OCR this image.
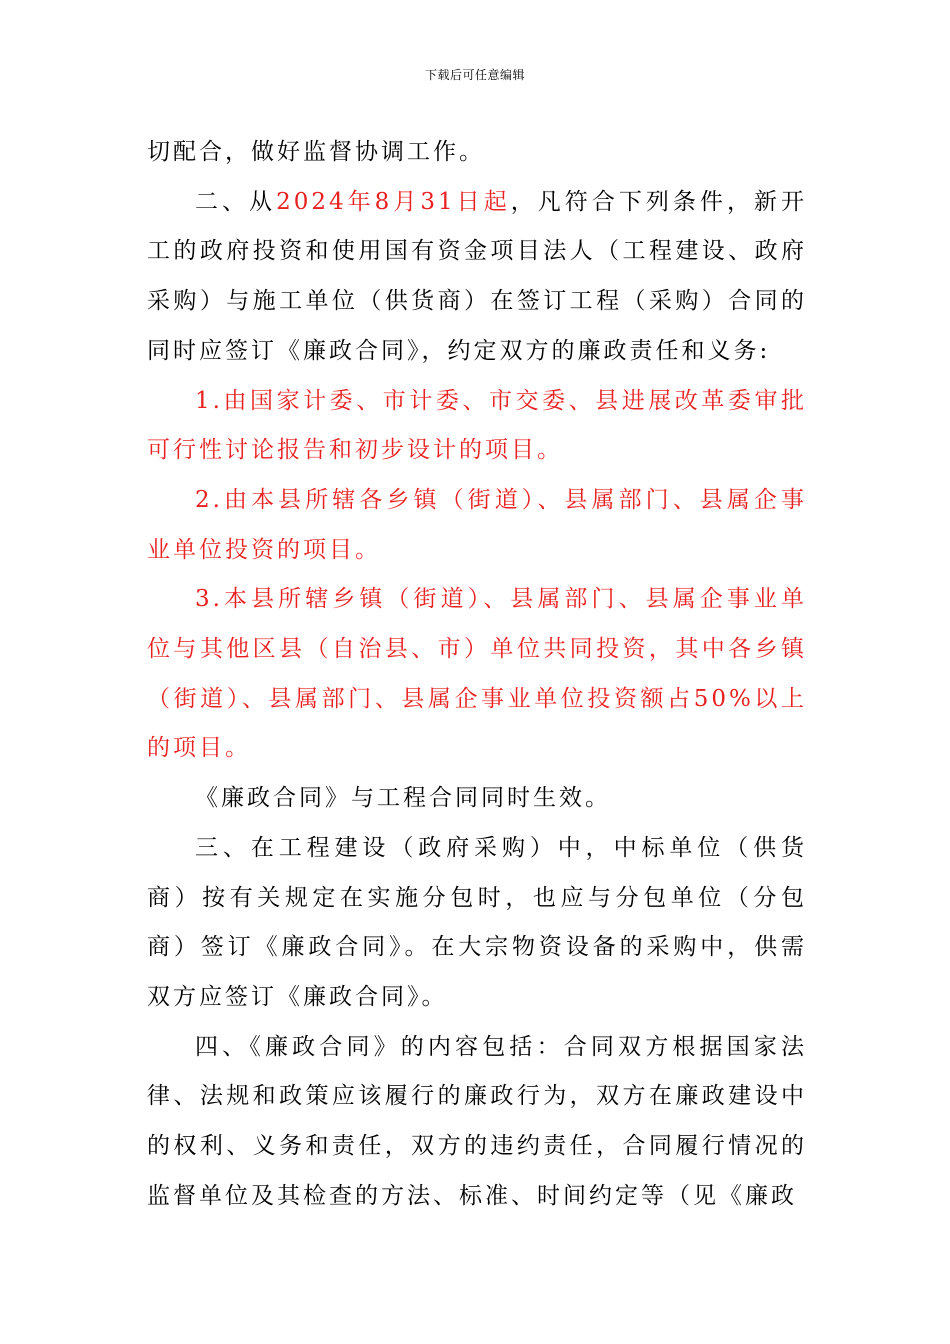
下载后可任意编辑

切配合，做好监督协调工作。

二、从2024年8月31日起，凡符合下列条件，新开工的政府投资和使用国有资金项目法人（工程建设、政府采购）与施工单位（供货商）在签订工程（采购）合同的同时应签订《廉政合同》，约定双方的廉政责任和义务:

1.由国家计委、市计委、市交委、县进展改革委审批可行性讨论报告和初步设计的项目。

2.由本县所辖各乡镇（街道）、县属部门、县属企事业单位投资的项目。

3.本县所辖乡镇（街道）、县属部门、县属企事业单位与其他区县（自治县、市）单位共同投资，其中各乡镇（街道）、县属部门、县属企事业单位投资额占50%以上的项目。

《廉政合同》与工程合同同时生效。

三、在工程建设（政府采购）中，中标单位（供货商）按有关规定在实施分包时，也应与分包单位（分包商）签订《廉政合同》。在大宗物资设备的采购中，供需双方应签订《廉政合同》。

四、《廉政合同》的内容包括：合同双方根据国家法律、法规和政策应该履行的廉政行为，双方在廉政建设中的权利、义务和责任，双方的违约责任，合同履行情况的监督单位及其检查的方法、标准、时间约定等（见《廉政
